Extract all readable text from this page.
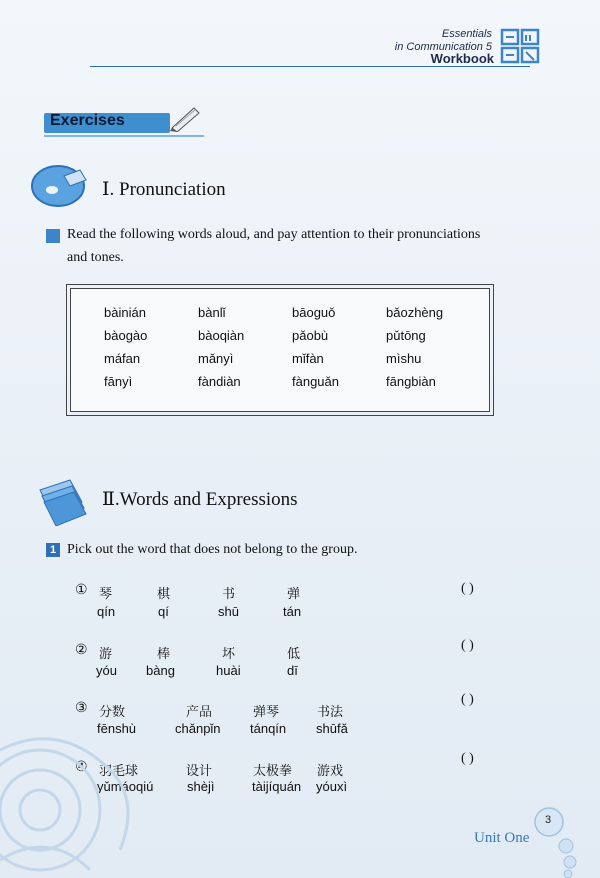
Essentials
in Communication 5
Workbook
Exercises
Ⅰ. Pronunciation
Read the following words aloud, and pay attention to their pronunciations
and tones.
bàinián	bànlǐ	bāoguǒ	bǎozhèng
bàogào	bàoqiàn	pǎobù	pǔtōng
máfan	mǎnyì	mǐfàn	mìshu
fānyì	fàndiàn	fànguǎn	fāngbiàn
Ⅱ.Words and Expressions
1 Pick out the word that does not belong to the group.
① 琴	棋	书	弹
qín	qí	shū	tán
( )
② 游	棒	坏	低
yóu bàng	huài	dī
( )
③ 分数	产品	弹琴	书法
fēnshù	chǎnpǐn tánqín shūfǎ
( )
④ 羽毛球	设计	太极拳 游戏
yǔmáoqiú	shèjì	tàijíquán yóuxì
( )
3
Unit One
